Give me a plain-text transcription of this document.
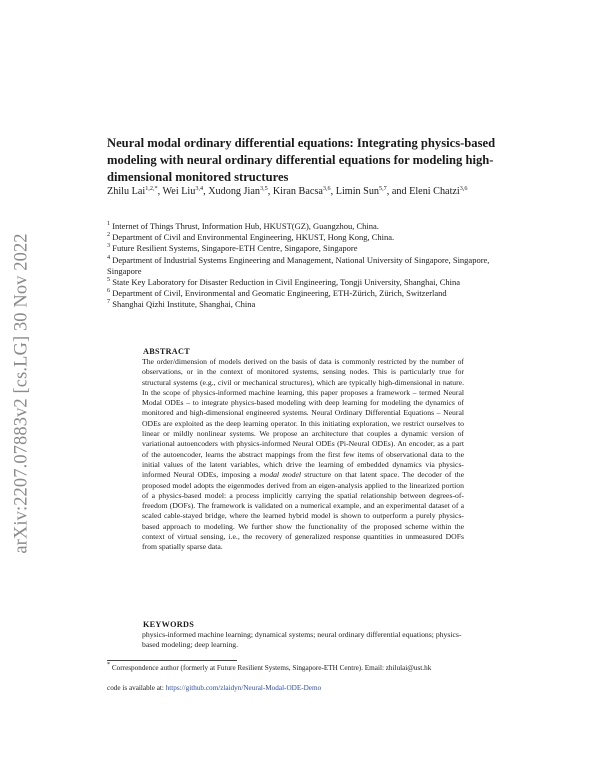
arXiv:2207.07883v2 [cs.LG] 30 Nov 2022
Neural modal ordinary differential equations: Integrating physics-based modeling with neural ordinary differential equations for modeling high-dimensional monitored structures
Zhilu Lai$^{1,2,*}$, Wei Liu$^{3,4}$, Xudong Jian$^{3,5}$, Kiran Bacsa$^{3,6}$, Limin Sun$^{5,7}$, and Eleni Chatzi$^{3,6}$
$^1$ Internet of Things Thrust, Information Hub, HKUST(GZ), Guangzhou, China.
$^2$ Department of Civil and Environmental Engineering, HKUST, Hong Kong, China.
$^3$ Future Resilient Systems, Singapore-ETH Centre, Singapore, Singapore
$^4$ Department of Industrial Systems Engineering and Management, National University of Singapore, Singapore, Singapore
$^5$ State Key Laboratory for Disaster Reduction in Civil Engineering, Tongji University, Shanghai, China
$^6$ Department of Civil, Environmental and Geomatic Engineering, ETH-Zürich, Zürich, Switzerland
$^7$ Shanghai Qizhi Institute, Shanghai, China
ABSTRACT

The order/dimension of models derived on the basis of data is commonly restricted by the number of observations, or in the context of monitored systems, sensing nodes. This is particularly true for structural systems (e.g., civil or mechanical structures), which are typically high-dimensional in nature. In the scope of physics-informed machine learning, this paper proposes a framework – termed Neural Modal ODEs – to integrate physics-based modeling with deep learning for modeling the dynamics of monitored and high-dimensional engineered systems. Neural Ordinary Differential Equations – Neural ODEs are exploited as the deep learning operator. In this initiating exploration, we restrict ourselves to linear or mildly nonlinear systems. We propose an architecture that couples a dynamic version of variational autoencoders with physics-informed Neural ODEs (Pi-Neural ODEs). An encoder, as a part of the autoencoder, learns the abstract mappings from the first few items of observational data to the initial values of the latent variables, which drive the learning of embedded dynamics via physics-informed Neural ODEs, imposing a modal model structure on that latent space. The decoder of the proposed model adopts the eigenmodes derived from an eigen-analysis applied to the linearized portion of a physics-based model: a process implicitly carrying the spatial relationship between degrees-of-freedom (DOFs). The framework is validated on a numerical example, and an experimental dataset of a scaled cable-stayed bridge, where the learned hybrid model is shown to outperform a purely physics-based approach to modeling. We further show the functionality of the proposed scheme within the context of virtual sensing, i.e., the recovery of generalized response quantities in unmeasured DOFs from spatially sparse data.

KEYWORDS

physics-informed machine learning; dynamical systems; neural ordinary differential equations; physics-based modeling; deep learning.

* Correspondence author (formerly at Future Resilient Systems, Singapore-ETH Centre). Email: zhilulai@ust.hk

code is available at: https://github.com/zlaidyn/Neural-Modal-ODE-Demo
